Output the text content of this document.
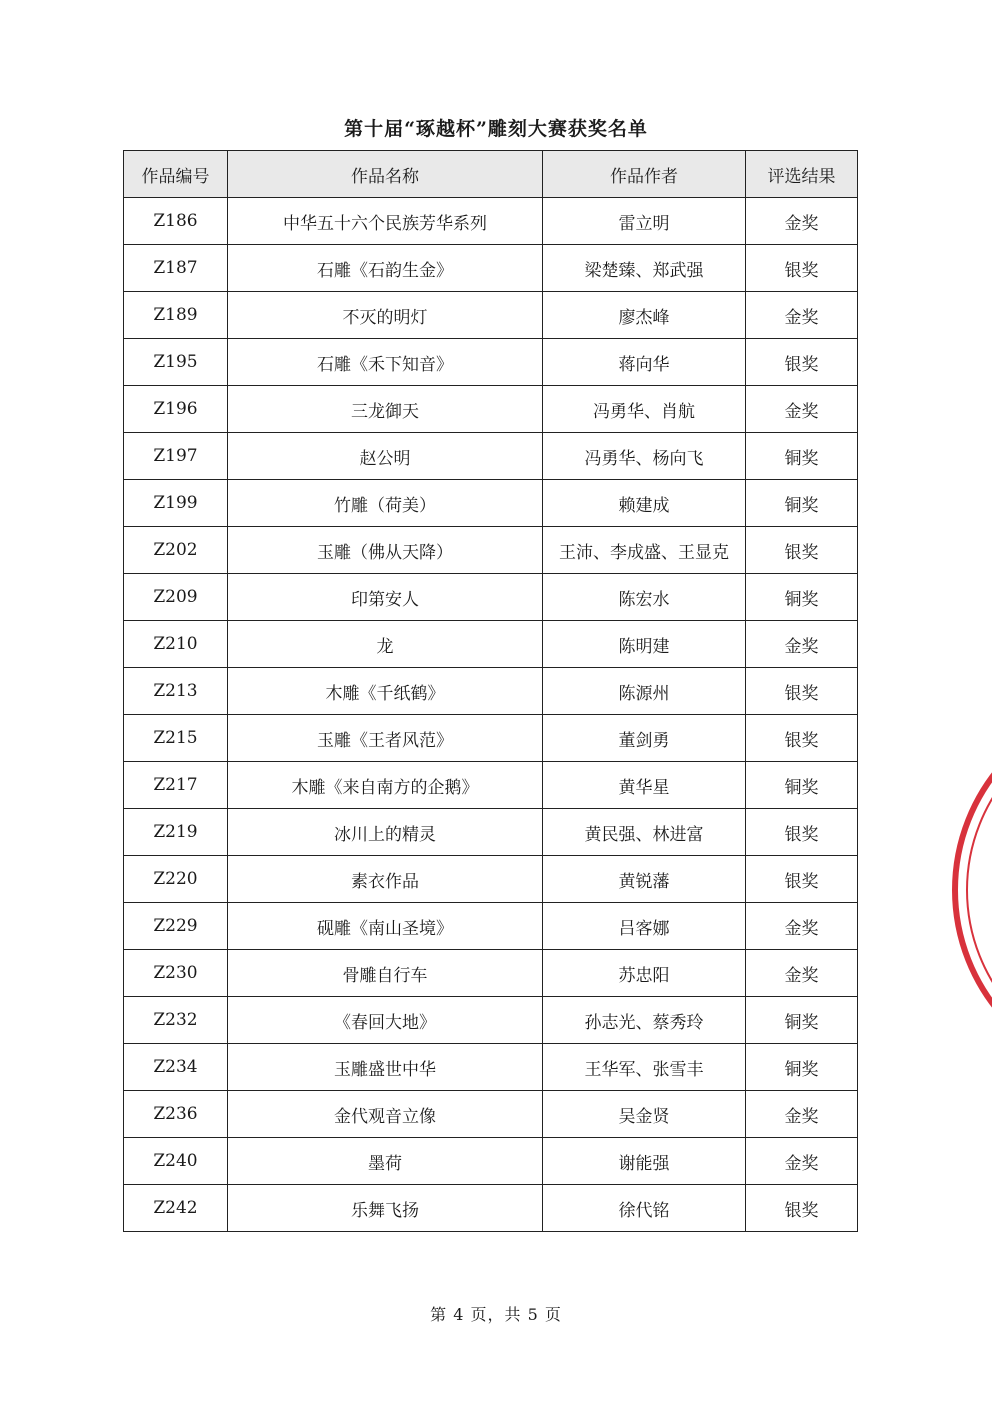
第十届“琢越杯”雕刻大赛获奖名单
作品编号	作品名称	作品作者	评选结果
Z186	中华五十六个民族芳华系列	雷立明	金奖
Z187	石雕《石韵生金》	梁楚臻、郑武强	银奖
Z189	不灭的明灯	廖杰峰	金奖
Z195	石雕《禾下知音》	蒋向华	银奖
Z196	三龙御天	冯勇华、肖航	金奖
Z197	赵公明	冯勇华、杨向飞	铜奖
Z199	竹雕（荷美）	赖建成	铜奖
Z202	玉雕（佛从天降）	王沛、李成盛、王显克	银奖
Z209	印第安人	陈宏水	铜奖
Z210	龙	陈明建	金奖
Z213	木雕《千纸鹤》	陈源州	银奖
Z215	玉雕《王者风范》	董剑勇	银奖
Z217	木雕《来自南方的企鹅》	黄华星	铜奖
Z219	冰川上的精灵	黄民强、林进富	银奖
Z220	素衣作品	黄锐藩	银奖
Z229	砚雕《南山圣境》	吕客娜	金奖
Z230	骨雕自行车	苏忠阳	金奖
Z232	《春回大地》	孙志光、蔡秀玲	铜奖
Z234	玉雕盛世中华	王华军、张雪丰	铜奖
Z236	金代观音立像	吴金贤	金奖
Z240	墨荷	谢能强	金奖
Z242	乐舞飞扬	徐代铭	银奖
第 4 页，共 5 页
